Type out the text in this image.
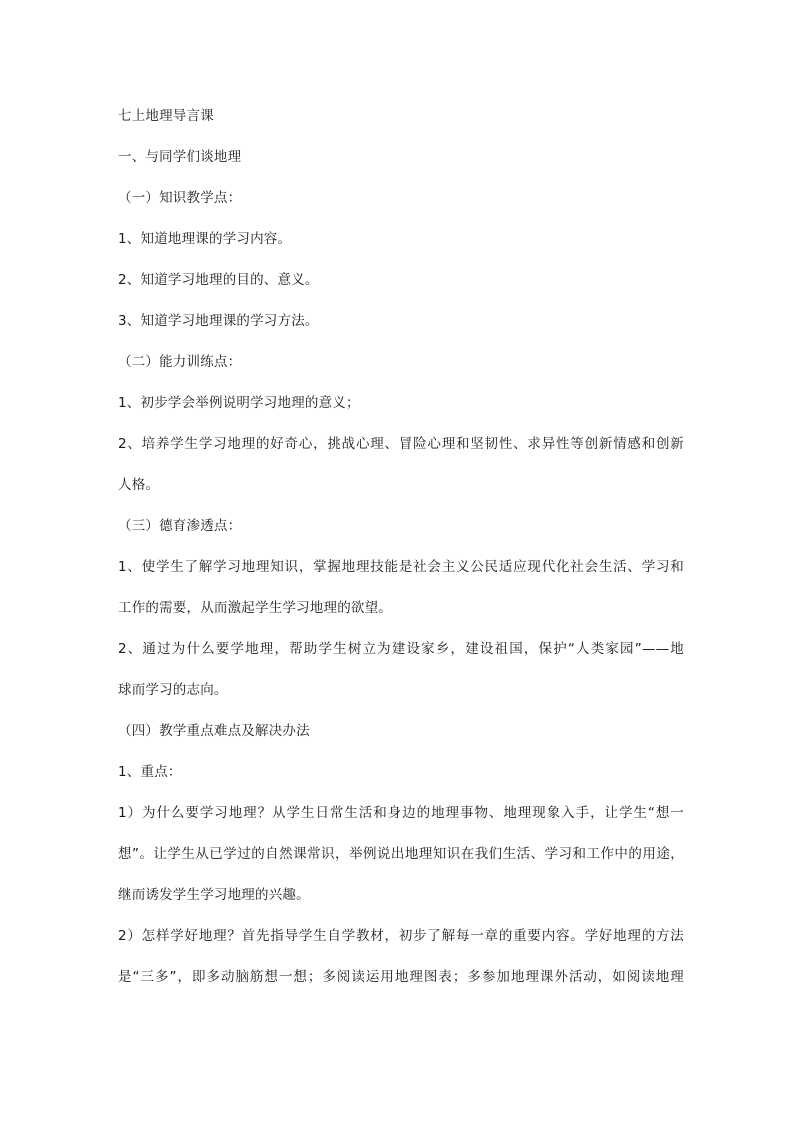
七上地理导言课
一、与同学们谈地理
（一）知识教学点：
1、知道地理课的学习内容。
2、知道学习地理的目的、意义。
3、知道学习地理课的学习方法。
（二）能力训练点：
1、初步学会举例说明学习地理的意义；
2、培养学生学习地理的好奇心，挑战心理、冒险心理和坚韧性、求异性等创新情感和创新
人格。
（三）德育渗透点：
1、使学生了解学习地理知识，掌握地理技能是社会主义公民适应现代化社会生活、学习和
工作的需要，从而激起学生学习地理的欲望。
2、通过为什么要学地理，帮助学生树立为建设家乡，建设祖国，保护“人类家园”——地
球而学习的志向。
（四）教学重点难点及解决办法
1、重点：
1）为什么要学习地理？从学生日常生活和身边的地理事物、地理现象入手，让学生“想一
想”。让学生从已学过的自然课常识，举例说出地理知识在我们生活、学习和工作中的用途，
继而诱发学生学习地理的兴趣。
2）怎样学好地理？首先指导学生自学教材，初步了解每一章的重要内容。学好地理的方法
是“三多”，即多动脑筋想一想；多阅读运用地理图表；多参加地理课外活动，如阅读地理
